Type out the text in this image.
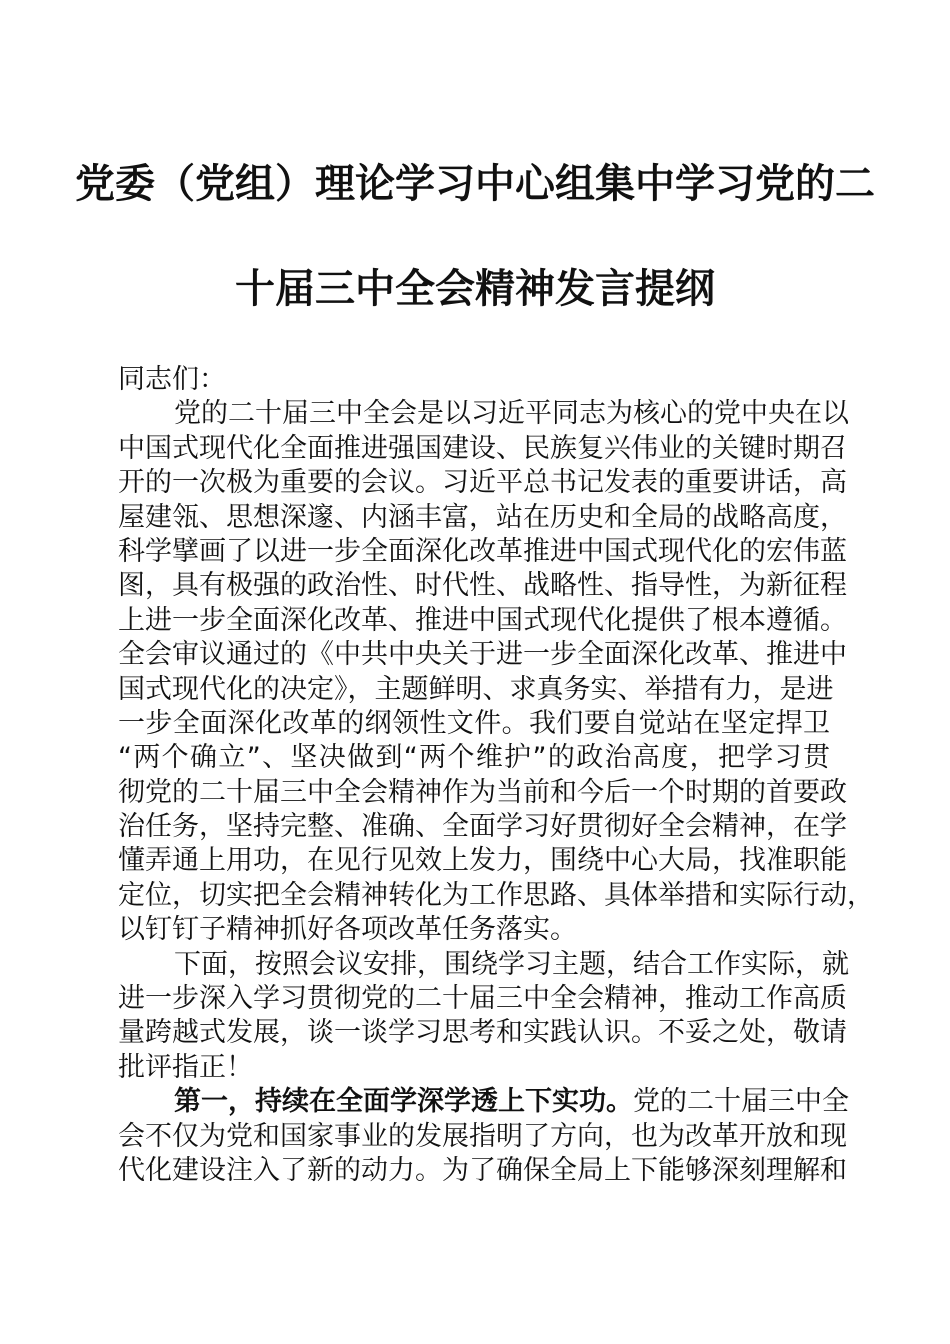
党委（党组）理论学习中心组集中学习党的二
十届三中全会精神发言提纲
同志们：
党的二十届三中全会是以习近平同志为核心的党中央在以
中国式现代化全面推进强国建设、民族复兴伟业的关键时期召
开的一次极为重要的会议。习近平总书记发表的重要讲话，高
屋建瓴、思想深邃、内涵丰富，站在历史和全局的战略高度，
科学擘画了以进一步全面深化改革推进中国式现代化的宏伟蓝
图，具有极强的政治性、时代性、战略性、指导性，为新征程
上进一步全面深化改革、推进中国式现代化提供了根本遵循。
全会审议通过的《中共中央关于进一步全面深化改革、推进中
国式现代化的决定》，主题鲜明、求真务实、举措有力，是进
一步全面深化改革的纲领性文件。我们要自觉站在坚定捍卫
“两个确立”、坚决做到“两个维护”的政治高度，把学习贯
彻党的二十届三中全会精神作为当前和今后一个时期的首要政
治任务，坚持完整、准确、全面学习好贯彻好全会精神，在学
懂弄通上用功，在见行见效上发力，围绕中心大局，找准职能
定位，切实把全会精神转化为工作思路、具体举措和实际行动，
以钉钉子精神抓好各项改革任务落实。
下面，按照会议安排，围绕学习主题，结合工作实际，就
进一步深入学习贯彻党的二十届三中全会精神，推动工作高质
量跨越式发展，谈一谈学习思考和实践认识。不妥之处，敬请
批评指正！
第一，持续在全面学深学透上下实功。党的二十届三中全
会不仅为党和国家事业的发展指明了方向，也为改革开放和现
代化建设注入了新的动力。为了确保全局上下能够深刻理解和
